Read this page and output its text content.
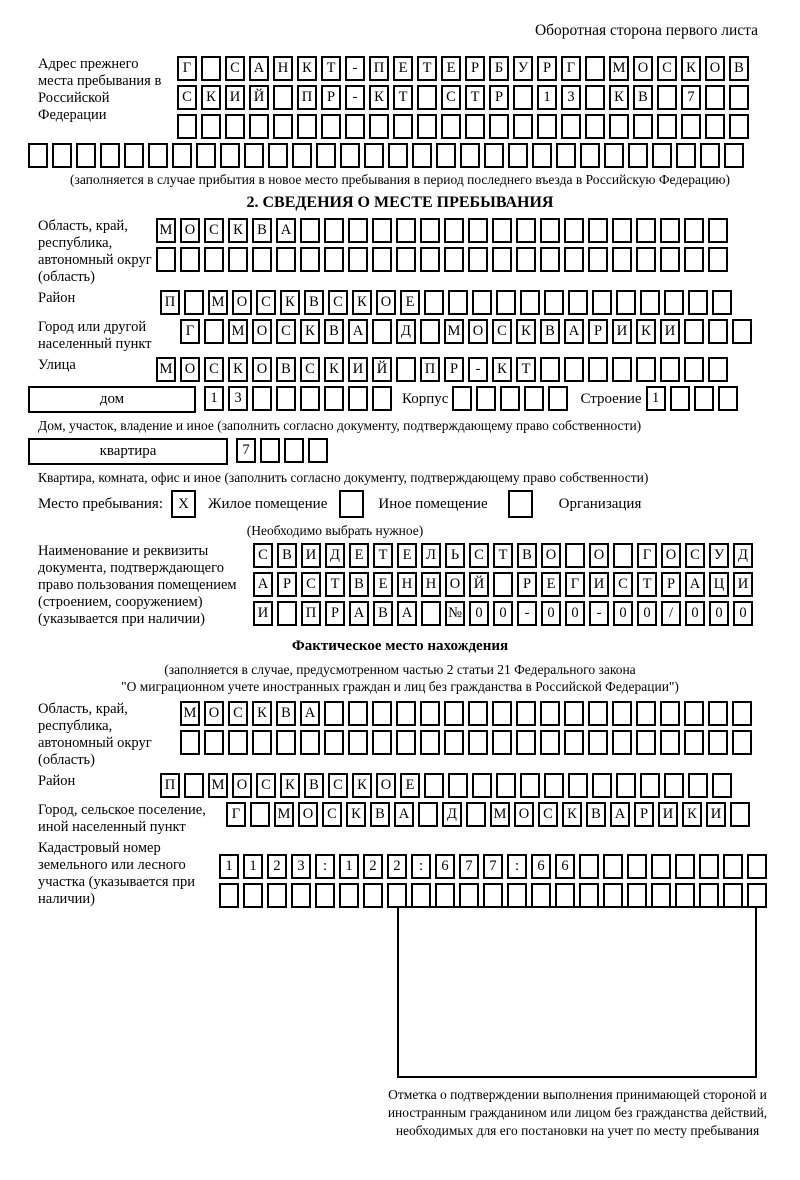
Оборотная сторона первого листа
Адрес прежнего места пребывания в Российской Федерации
Г	С А Н К	Т	-	П Е	Т	Е	Р	Б	У	Р	Г	М О С К О В
С К И Й	П	Р	-	К	Т	С	Т	Р	1	3	К В	7
(заполняется в случае прибытия в новое место пребывания в период последнего въезда в Российскую Федерацию)
2. СВЕДЕНИЯ О МЕСТЕ ПРЕБЫВАНИЯ
Область, край, республика, автономный округ (область)
М О С К В А
Район	П	М О С К В С К О Е
Город или другой населенный пункт
Г	М О С К В А	Д	М О С К В А	Р	И К И
Улица	М О С К О В С К И Й	П	Р	-	К	Т
дом	1	3	Корпус	Строение 1
Дом, участок, владение и иное (заполнить согласно документу, подтверждающему право собственности)
квартира	7
Квартира, комната, офис и иное (заполнить согласно документу, подтверждающему право собственности)
Место пребывания:	X	Жилое помещение	Иное помещение	Организация
(Необходимо выбрать нужное)
Наименование и реквизиты документа, подтверждающего право пользования помещением (строением, сооружением) (указывается при наличии)
С В И Д	Е	Т	Е	Л	Ь	С	Т	В О	О	Г	О С У Д
А	Р	С	Т	В	Е Н Н О Й	Р	Е	Г	И С	Т	Р	А Ц И
И	П	Р	А В А	№ 0	0	-	0	0	-	0	0	/	0	0	0
Фактическое место нахождения
(заполняется в случае, предусмотренном частью 2 статьи 21 Федерального закона
"О миграционном учете иностранных граждан и лиц без гражданства в Российской Федерации")
Область, край, республика, автономный округ (область)
М О С К В А
Район	П	М О С К В С К О Е
Город, сельское поселение, иной населенный пункт
Г	М О С К В А	Д	М О С К В А	Р	И К И
Кадастровый номер земельного или лесного участка (указывается при наличии)
1	1	2	3	:	1	2	2	:	6	7	7	:	6	6
Отметка о подтверждении выполнения принимающей стороной и иностранным гражданином или лицом без гражданства действий, необходимых для его постановки на учет по месту пребывания
